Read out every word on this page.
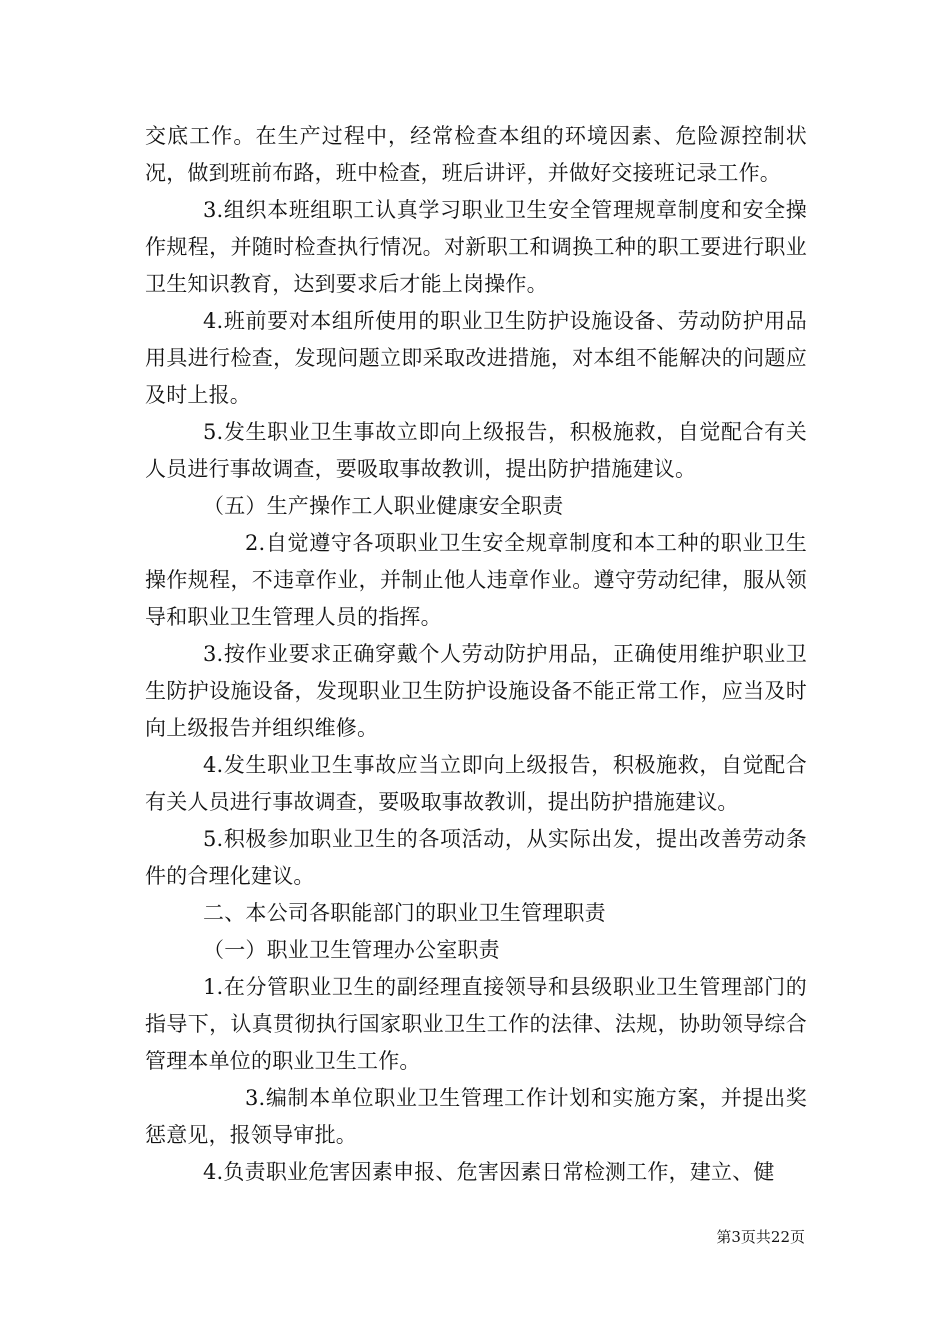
交底工作。在生产过程中，经常检查本组的环境因素、危险源控制状况，做到班前布路，班中检查，班后讲评，并做好交接班记录工作。

3.组织本班组职工认真学习职业卫生安全管理规章制度和安全操作规程，并随时检查执行情况。对新职工和调换工种的职工要进行职业卫生知识教育，达到要求后才能上岗操作。

4.班前要对本组所使用的职业卫生防护设施设备、劳动防护用品用具进行检查，发现问题立即采取改进措施，对本组不能解决的问题应及时上报。

5.发生职业卫生事故立即向上级报告，积极施救，自觉配合有关人员进行事故调查，要吸取事故教训，提出防护措施建议。

（五）生产操作工人职业健康安全职责

2.自觉遵守各项职业卫生安全规章制度和本工种的职业卫生操作规程，不违章作业，并制止他人违章作业。遵守劳动纪律，服从领导和职业卫生管理人员的指挥。

3.按作业要求正确穿戴个人劳动防护用品，正确使用维护职业卫生防护设施设备，发现职业卫生防护设施设备不能正常工作，应当及时向上级报告并组织维修。

4.发生职业卫生事故应当立即向上级报告，积极施救，自觉配合有关人员进行事故调查，要吸取事故教训，提出防护措施建议。

5.积极参加职业卫生的各项活动，从实际出发，提出改善劳动条件的合理化建议。

二、本公司各职能部门的职业卫生管理职责

（一）职业卫生管理办公室职责

1.在分管职业卫生的副经理直接领导和县级职业卫生管理部门的指导下，认真贯彻执行国家职业卫生工作的法律、法规，协助领导综合管理本单位的职业卫生工作。

3.编制本单位职业卫生管理工作计划和实施方案，并提出奖惩意见，报领导审批。

4.负责职业危害因素申报、危害因素日常检测工作，建立、健

第3页共22页
